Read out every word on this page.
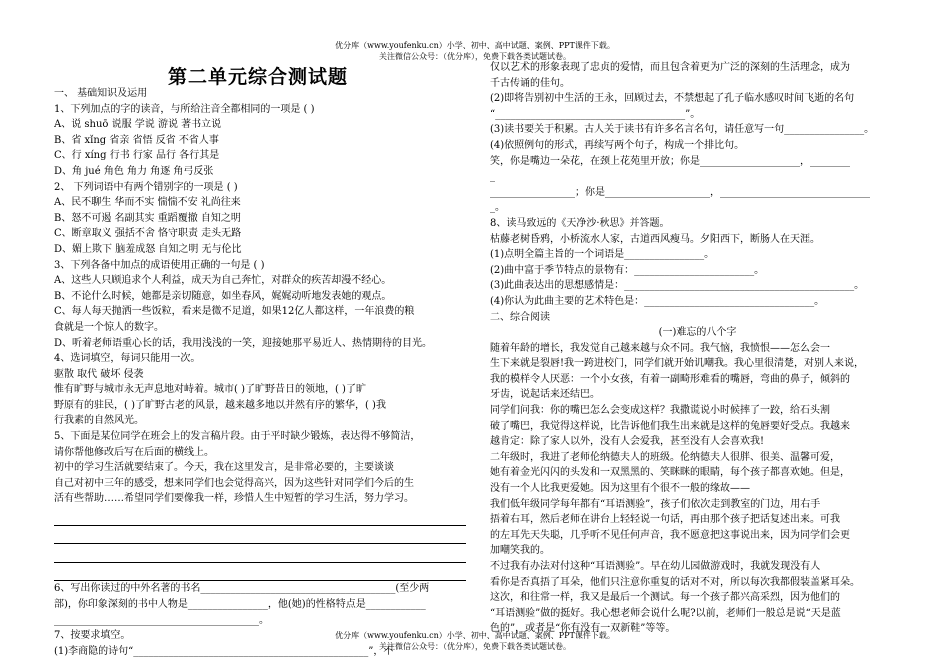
优分库（www.youfenku.cn）小学、初中、高中试题、案例、PPT课件下载。
关注微信公众号：（优分库），免费下载各类试题试卷。
第二单元综合测试题
一、 基础知识及运用
1、下列加点的字的读音，与所给注音全都相同的一项是 ( )
A、说 shuō 说服 学说 游说 著书立说
B、省 xǐng 省亲 省悟 反省 不省人事
C、行 xíng 行书 行家 品行 各行其是
D、角 jué 角色 角力 角逐 角弓反张
2、 下列词语中有两个错别字的一项是 ( )
A、民不聊生 华而不实 惴惴不安 礼尚往来
B、怒不可遏 名副其实 重蹈覆撤 自知之明
C、断章取义 强括不舍 恪守职责 走头无路
D、媚上欺下 脑羞成怒 自知之明 无与伦比
3、下列各备中加点的成语使用正确的一句是 ( )
A、这些人只顾追求个人利益，成天为自己奔忙，对群众的疾苦却漫不经心。
B、不论什么时候，她都是亲切随意，如坐春风，娓娓动听地发表她的观点。
C、每人每天抛洒一些饭粒，看来是微不足道，如果12亿人都这样，一年浪费的粮
食就是一个惊人的数字。
D、听着老师语重心长的话，我用浅浅的一笑，迎接她那平易近人、热情期待的目光。
4、选词填空，每词只能用一次。
驱散 取代 破坏 侵袭
惟有旷野与城市永无声息地对峙着。城市( )了旷野昔日的领地，( )了旷
野原有的驻民，( )了旷野古老的风景，越来越多地以并然有序的繁华，( )我
行我素的自然风光。
5、下面是某位同学在班会上的发言稿片段。由于平时缺少锻炼，表达得不够简洁，
请你帮他修改后写在后面的横线上。
初中的学习生活就要结束了。今天，我在这里发言，是非常必要的，主要谈谈
自己对初中三年的感受，想来同学们也会觉得高兴，因为这些针对同学们今后的生
活有些帮助……希望同学们要像我一样，珍惜人生中短暂的学习生活，努力学习。
6、写出你读过的中外名著的书名_______________________________________(至少两
部)，你印象深刻的书中人物是________________，他(她)的性格特点是____________
_________________________________________。
7、按要求填空。
(1)李商隐的诗句“_______________________________________________”，不
仅以艺术的形象表现了忠贞的爱情，而且包含着更为广泛的深刻的生活理念，成为
千古传诵的佳句。
(2)即将告别初中生活的王永，回顾过去，不禁想起了孔子临水感叹时间飞逝的名句
“______________________________________”。
(3)读书要关于积累。古人关于读书有许多名言名句，请任意写一句________________。
(4)依照例句的形式，再续写两个句子，构成一个排比句。
笑，你是嘴边一朵花，在颈上花苑里开放；你是____________________，________
_
_________________；你是_____________________，______________________________
_。
8、读马致远的《天净沙·秋思》并答题。
枯藤老树昏鸦，小桥流水人家，古道西风瘦马。夕阳西下，断肠人在天涯。
(1)点明全篇主旨的一个词语是________________。
(2)曲中富于季节特点的景物有：________________________。
(3)此曲表达出的思想感情是：______________________________________________。
(4)你认为此曲主要的艺术特色是：__________________________________。
二、综合阅读
(一)难忘的八个字
随着年龄的增长，我发觉自己越来越与众不同。我气恼，我愤恨——怎么会一
生下来就是裂唇!我一跨进校门，同学们就开始讥嘲我。我心里很清楚，对别人来说，
我的模样令人厌恶：一个小女孩，有着一副畸形难看的嘴唇，弯曲的鼻子，倾斜的
牙齿，说起话来还结巴。
同学们问我：你的嘴巴怎么会变成这样？我撒谎说小时候摔了一跤，给石头割
破了嘴巴，我觉得这样说，比告诉他们我生出来就是这样的兔唇要好受点。我越来
越肯定：除了家人以外，没有人会爱我，甚至没有人会喜欢我!
二年级时，我进了老师伦纳德夫人的班级。伦纳德夫人很胖、很美、温馨可爱，
她有着金光闪闪的头发和一双黑黑的、笑眯眯的眼睛，每个孩子都喜欢她。但是，
没有一个人比我更爱她。因为这里有个很不一般的缘故——
我们低年级同学每年都有“耳语测验”，孩子们依次走到教室的门边，用右手
捂着右耳，然后老师在讲台上轻轻说一句话，再由那个孩子把话复述出来。可我
的左耳先天失聪，几乎听不见任何声音，我不愿意把这事说出来，因为同学们会更
加嘲笑我的。
不过我有办法对付这种“耳语测验”。早在幼儿园做游戏时，我就发现没有人
看你是否真捂了耳朵，他们只注意你重复的话对不对，所以每次我都假装盖紧耳朵。
这次，和往常一样，我又是最后一个测试。每一个孩子都兴高采烈，因为他们的
“耳语测验”做的挺好。我心想老师会说什么呢?以前，老师们一般总是说“天是蓝
色的”，或者是“你有没有一双新鞋”等等。
优分库（www.youfenku.cn）小学、初中、高中试题、案例、PPT课件下载。
关注微信公众号：（优分库），免费下载各类试题试卷。
